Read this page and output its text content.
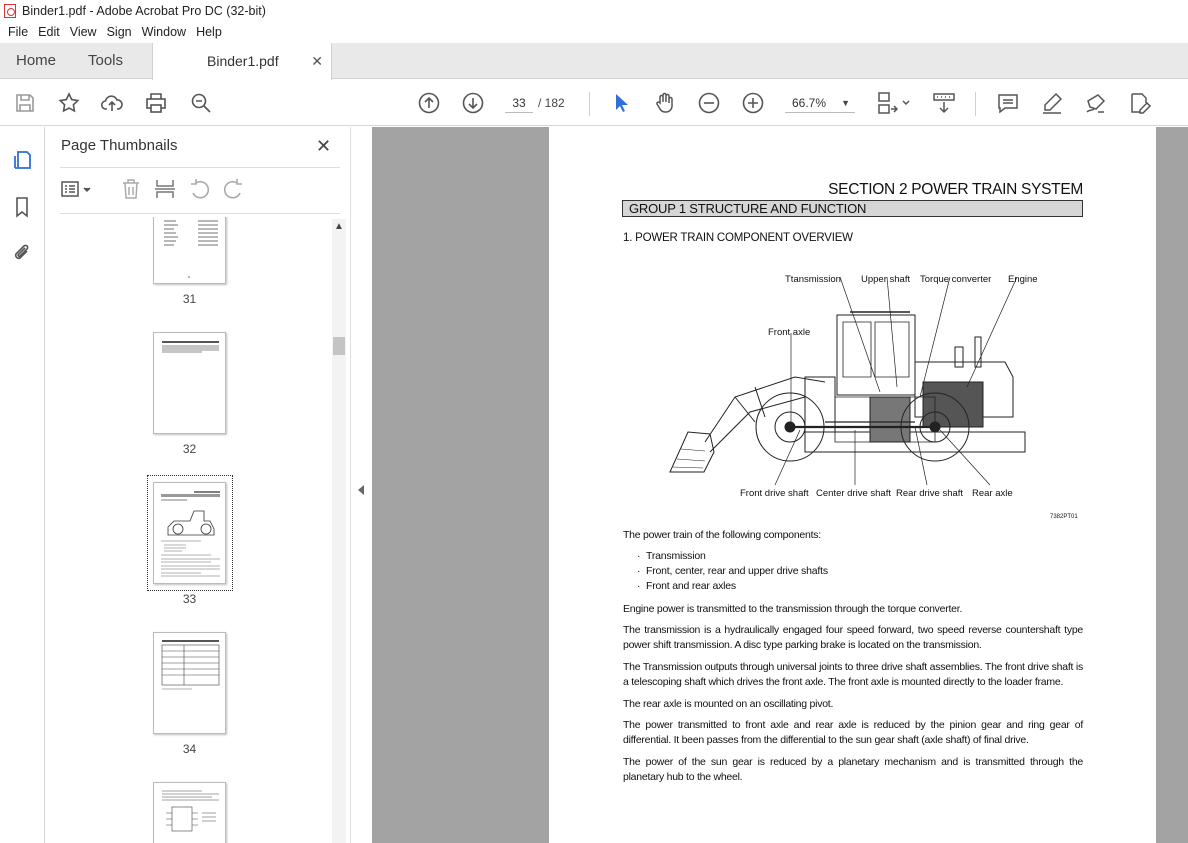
Binder1.pdf - Adobe Acrobat Pro DC (32-bit)
File Edit View Sign Window Help
Home Tools	Binder1.pdf ✕
33	/ 182	66.7% ▼
Page Thumbnails	✕
31
32
33
34
▲
SECTION 2 POWER TRAIN SYSTEM
GROUP 1 STRUCTURE AND FUNCTION
1. POWER TRAIN COMPONENT OVERVIEW
Ttansmission Upper shaft Torque converter Engine
Front axle
Front drive shaft Center drive shaft Rear drive shaft Rear axle
7382PT01
The power train of the following components:
· Transmission
· Front, center, rear and upper drive shafts
· Front and rear axles
Engine power is transmitted to the transmission through the torque converter.
The transmission is a hydraulically engaged four speed forward, two speed reverse countershaft type power shift transmission. A disc type parking brake is located on the transmission.
The Transmission outputs through universal joints to three drive shaft assemblies. The front drive shaft is a telescoping shaft which drives the front axle. The front axle is mounted directly to the loader frame.
The rear axle is mounted on an oscillating pivot.
The power transmitted to front axle and rear axle is reduced by the pinion gear and ring gear of differential. It been passes from the differential to the sun gear shaft (axle shaft) of final drive.
The power of the sun gear is reduced by a planetary mechanism and is transmitted through the planetary hub to the wheel.
